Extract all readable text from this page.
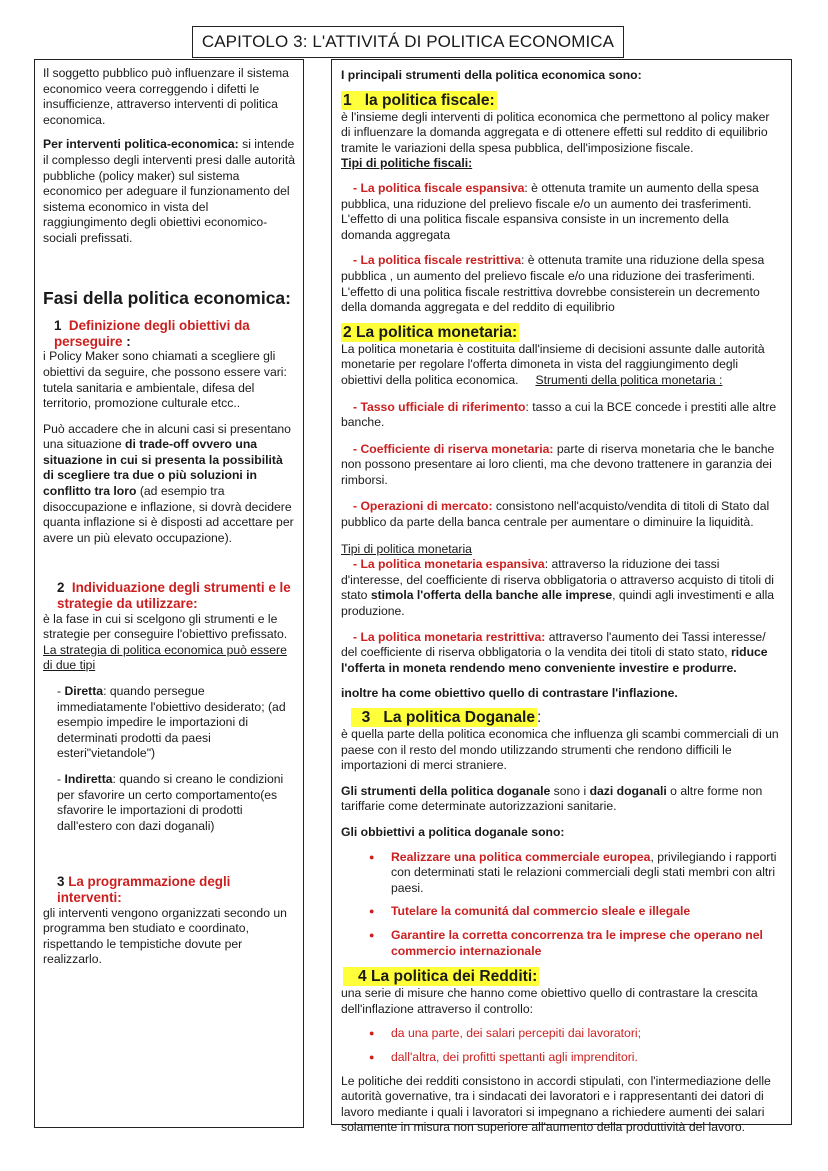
CAPITOLO 3: L'ATTIVITÁ DI POLITICA ECONOMICA

Il soggetto pubblico può influenzare il sistema economico veera correggendo i difetti le insufficienze, attraverso interventi di politica economica.

Per interventi politica-economica: si intende il complesso degli interventi presi dalle autorità pubbliche (policy maker) sul sistema economico per adeguare il funzionamento del sistema economico in vista del raggiungimento degli obiettivi economico-sociali prefissati.

Fasi della politica economica:
1 Definizione degli obiettivi da perseguire :

i Policy Maker sono chiamati a scegliere gli obiettivi da seguire, che possono essere vari: tutela sanitaria e ambientale, difesa del territorio, promozione culturale etcc..

Può accadere che in alcuni casi si presentano una situazione di trade-off ovvero una situazione in cui si presenta la possibilità di scegliere tra due o più soluzioni in conflitto tra loro (ad esempio tra disoccupazione e inflazione, si dovrà decidere quanta inflazione si è disposti ad accettare per avere un più elevato occupazione).

2 Individuazione degli strumenti e le strategie da utilizzare:

è la fase in cui si scelgono gli strumenti e le strategie per conseguire l'obiettivo prefissato.

La strategia di politica economica può essere di due tipi

- Diretta: quando persegue immediatamente l'obiettivo desiderato; (ad esempio impedire le importazioni di determinati prodotti da paesi esteri"vietandole")

- Indiretta: quando si creano le condizioni per sfavorire un certo comportamento(es sfavorire le importazioni di prodotti dall'estero con dazi doganali)

3 La programmazione degli interventi:

gli interventi vengono organizzati secondo un programma ben studiato e coordinato, rispettando le tempistiche dovute per realizzarlo.

I principali strumenti della politica economica sono:

1 la politica fiscale:

è l'insieme degli interventi di politica economica che permettono al policy maker di influenzare la domanda aggregata e di ottenere effetti sul reddito di equilibrio tramite le variazioni della spesa pubblica, dell'imposizione fiscale.

Tipi di politiche fiscali:

- La politica fiscale espansiva: è ottenuta tramite un aumento della spesa pubblica, una riduzione del prelievo fiscale e/o un aumento dei trasferimenti. L'effetto di una politica fiscale espansiva consiste in un incremento della domanda aggregata

- La politica fiscale restrittiva: è ottenuta tramite una riduzione della spesa pubblica , un aumento del prelievo fiscale e/o una riduzione dei trasferimenti. L'effetto di una politica fiscale restrittiva dovrebbe consisterein un decremento della domanda aggregata e del reddito di equilibrio

2 La politica monetaria:

La politica monetaria è costituita dall'insieme di decisioni assunte dalle autorità monetarie per regolare l'offerta dimoneta in vista del raggiungimento degli obiettivi della politica economica. Strumenti della politica monetaria :

- Tasso ufficiale di riferimento: tasso a cui la BCE concede i prestiti alle altre banche.

- Coefficiente di riserva monetaria: parte di riserva monetaria che le banche non possono presentare ai loro clienti, ma che devono trattenere in garanzia dei rimborsi.

- Operazioni di mercato: consistono nell'acquisto/vendita di titoli di Stato dal pubblico da parte della banca centrale per aumentare o diminuire la liquidità.

Tipi di politica monetaria

- La politica monetaria espansiva: attraverso la riduzione dei tassi d'interesse, del coefficiente di riserva obbligatoria o attraverso acquisto di titoli di stato stimola l'offerta della banche alle imprese, quindi agli investimenti e alla produzione.

- La politica monetaria restrittiva: attraverso l'aumento dei Tassi interesse/ del coefficiente di riserva obbligatoria o la vendita dei titoli di stato stato, riduce l'offerta in moneta rendendo meno conveniente investire e produrre.

inoltre ha come obiettivo quello di contrastare l'inflazione.

3 La politica Doganale :

è quella parte della politica economica che influenza gli scambi commerciali di un paese con il resto del mondo utilizzando strumenti che rendono difficili le importazioni di merci straniere.

Gli strumenti della politica doganale sono i dazi doganali o altre forme non tariffarie come determinate autorizzazioni sanitarie.

Gli obbiettivi a politica doganale sono:

● Realizzare una politica commerciale europea, privilegiando i rapporti con determinati stati le relazioni commerciali degli stati membri con altri paesi.
● Tutelare la comunitá dal commercio sleale e illegale
● Garantire la corretta concorrenza tra le imprese che operano nel commercio internazionale
4 La politica dei Redditi:

una serie di misure che hanno come obiettivo quello di contrastare la crescita dell'inflazione attraverso il controllo:

● da una parte, dei salari percepiti dai lavoratori;
● dall'altra, dei profitti spettanti agli imprenditori.

Le politiche dei redditi consistono in accordi stipulati, con l'intermediazione delle autorità governative, tra i sindacati dei lavoratori e i rappresentanti dei datori di lavoro mediante i quali i lavoratori si impegnano a richiedere aumenti dei salari solamente in misura non superiore all'aumento della produttività del lavoro.
